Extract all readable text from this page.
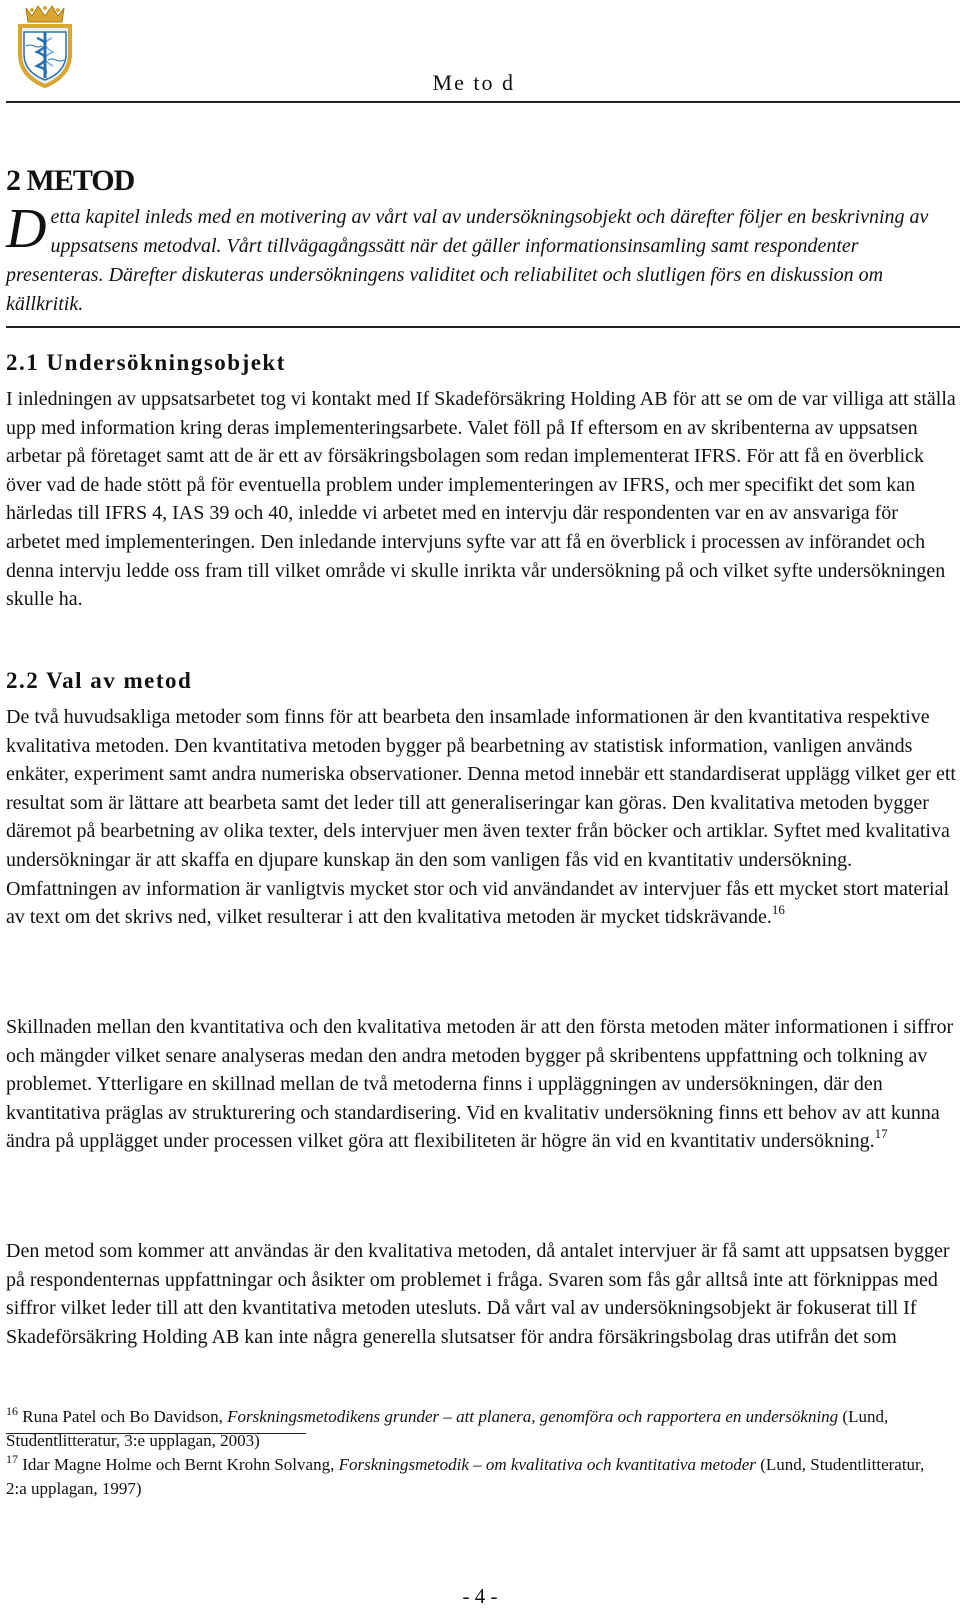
Me to d
2 METOD
Detta kapitel inleds med en motivering av vårt val av undersökningsobjekt och därefter följer en beskrivning av uppsatsens metodval. Vårt tillvägagångssätt när det gäller informationsinsamling samt respondenter presenteras. Därefter diskuteras undersökningens validitet och reliabilitet och slutligen förs en diskussion om källkritik.
2.1 Undersökningsobjekt
I inledningen av uppsatsarbetet tog vi kontakt med If Skadeförsäkring Holding AB för att se om de var villiga att ställa upp med information kring deras implementeringsarbete. Valet föll på If eftersom en av skribenterna av uppsatsen arbetar på företaget samt att de är ett av försäkringsbolagen som redan implementerat IFRS. För att få en överblick över vad de hade stött på för eventuella problem under implementeringen av IFRS, och mer specifikt det som kan härledas till IFRS 4, IAS 39 och 40, inledde vi arbetet med en intervju där respondenten var en av ansvariga för arbetet med implementeringen. Den inledande intervjuns syfte var att få en överblick i processen av införandet och denna intervju ledde oss fram till vilket område vi skulle inrikta vår undersökning på och vilket syfte undersökningen skulle ha.
2.2 Val av metod
De två huvudsakliga metoder som finns för att bearbeta den insamlade informationen är den kvantitativa respektive kvalitativa metoden. Den kvantitativa metoden bygger på bearbetning av statistisk information, vanligen används enkäter, experiment samt andra numeriska observationer. Denna metod innebär ett standardiserat upplägg vilket ger ett resultat som är lättare att bearbeta samt det leder till att generaliseringar kan göras. Den kvalitativa metoden bygger däremot på bearbetning av olika texter, dels intervjuer men även texter från böcker och artiklar. Syftet med kvalitativa undersökningar är att skaffa en djupare kunskap än den som vanligen fås vid en kvantitativ undersökning. Omfattningen av information är vanligtvis mycket stor och vid användandet av intervjuer fås ett mycket stort material av text om det skrivs ned, vilket resulterar i att den kvalitativa metoden är mycket tidskrävande.$^{16}$
Skillnaden mellan den kvantitativa och den kvalitativa metoden är att den första metoden mäter informationen i siffror och mängder vilket senare analyseras medan den andra metoden bygger på skribentens uppfattning och tolkning av problemet. Ytterligare en skillnad mellan de två metoderna finns i uppläggningen av undersökningen, där den kvantitativa präglas av strukturering och standardisering. Vid en kvalitativ undersökning finns ett behov av att kunna ändra på upplägget under processen vilket göra att flexibiliteten är högre än vid en kvantitativ undersökning.$^{17}$
Den metod som kommer att användas är den kvalitativa metoden, då antalet intervjuer är få samt att uppsatsen bygger på respondenternas uppfattningar och åsikter om problemet i fråga. Svaren som fås går alltså inte att förknippas med siffror vilket leder till att den kvantitativa metoden utesluts. Då vårt val av undersökningsobjekt är fokuserat till If Skadeförsäkring Holding AB kan inte några generella slutsatser för andra försäkringsbolag dras utifrån det som
$^{16}$ Runa Patel och Bo Davidson, Forskningsmetodikens grunder – att planera, genomföra och rapportera en undersökning (Lund, Studentlitteratur, 3:e upplagan, 2003)
$^{17}$ Idar Magne Holme och Bernt Krohn Solvang, Forskningsmetodik – om kvalitativa och kvantitativa metoder (Lund, Studentlitteratur, 2:a upplagan, 1997)
- 4 -
